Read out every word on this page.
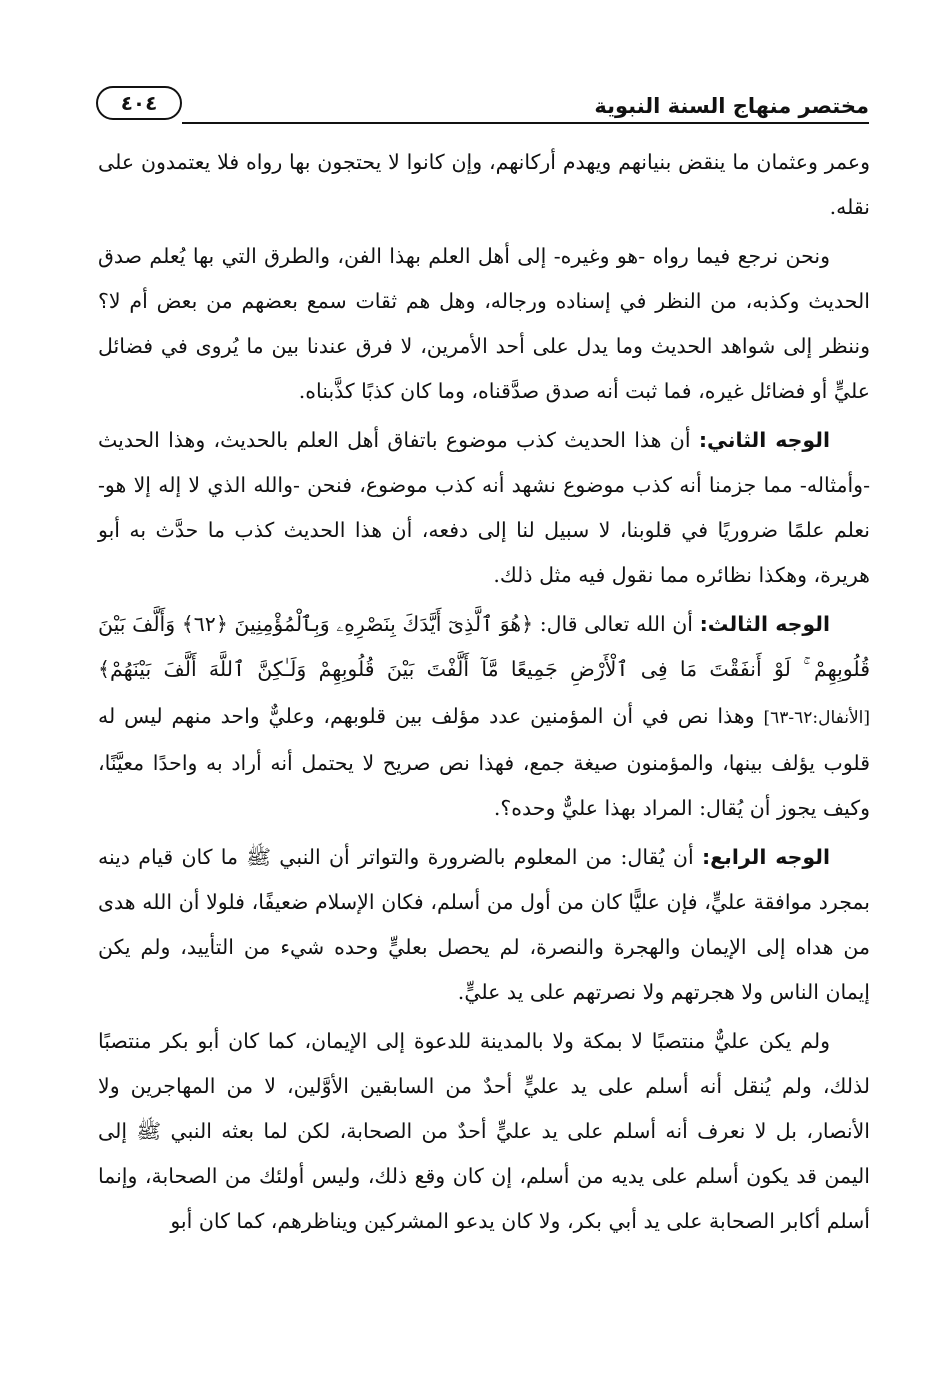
مختصر منهاج السنة النبوية
٤٠٤

وعمر وعثمان ما ينقض بنيانهم ويهدم أركانهم، وإن كانوا لا يحتجون بها رواه فلا يعتمدون على نقله.

ونحن نرجع فيما رواه -هو وغيره- إلى أهل العلم بهذا الفن، والطرق التي بها يُعلم صدق الحديث وكذبه، من النظر في إسناده ورجاله، وهل هم ثقات سمع بعضهم من بعض أم لا؟ وننظر إلى شواهد الحديث وما يدل على أحد الأمرين، لا فرق عندنا بين ما يُروى في فضائل عليٍّ أو فضائل غيره، فما ثبت أنه صدق صدَّقناه، وما كان كذبًا كذَّبناه.

الوجه الثاني: أن هذا الحديث كذب موضوع باتفاق أهل العلم بالحديث، وهذا الحديث -وأمثاله- مما جزمنا أنه كذب موضوع نشهد أنه كذب موضوع، فنحن -والله الذي لا إله إلا هو- نعلم علمًا ضروريًا في قلوبنا، لا سبيل لنا إلى دفعه، أن هذا الحديث كذب ما حدَّث به أبو هريرة، وهكذا نظائره مما نقول فيه مثل ذلك.

الوجه الثالث: أن الله تعالى قال: ﴿هُوَ ٱلَّذِىٓ أَيَّدَكَ بِنَصْرِهِۦ وَبِٱلْمُؤْمِنِينَ ﴿٦٢﴾ وَأَلَّفَ بَيْنَ قُلُوبِهِمْ ۚ لَوْ أَنفَقْتَ مَا فِى ٱلْأَرْضِ جَمِيعًا مَّآ أَلَّفْتَ بَيْنَ قُلُوبِهِمْ وَلَـٰكِنَّ ٱللَّهَ أَلَّفَ بَيْنَهُمْ﴾ [الأنفال:٦٢-٦٣] وهذا نص في أن المؤمنين عدد مؤلف بين قلوبهم، وعليٌّ واحد منهم ليس له قلوب يؤلف بينها، والمؤمنون صيغة جمع، فهذا نص صريح لا يحتمل أنه أراد به واحدًا معيَّنًا، وكيف يجوز أن يُقال: المراد بهذا عليٌّ وحده؟.

الوجه الرابع: أن يُقال: من المعلوم بالضرورة والتواتر أن النبي ﷺ ما كان قيام دينه بمجرد موافقة عليٍّ، فإن عليًّا كان من أول من أسلم، فكان الإسلام ضعيفًا، فلولا أن الله هدى من هداه إلى الإيمان والهجرة والنصرة، لم يحصل بعليٍّ وحده شيء من التأييد، ولم يكن إيمان الناس ولا هجرتهم ولا نصرتهم على يد عليٍّ.

ولم يكن عليٌّ منتصبًا لا بمكة ولا بالمدينة للدعوة إلى الإيمان، كما كان أبو بكر منتصبًا لذلك، ولم يُنقل أنه أسلم على يد عليٍّ أحدٌ من السابقين الأوَّلين، لا من المهاجرين ولا الأنصار، بل لا نعرف أنه أسلم على يد عليٍّ أحدٌ من الصحابة، لكن لما بعثه النبي ﷺ إلى اليمن قد يكون أسلم على يديه من أسلم، إن كان وقع ذلك، وليس أولئك من الصحابة، وإنما أسلم أكابر الصحابة على يد أبي بكر، ولا كان يدعو المشركين ويناظرهم، كما كان أبو
